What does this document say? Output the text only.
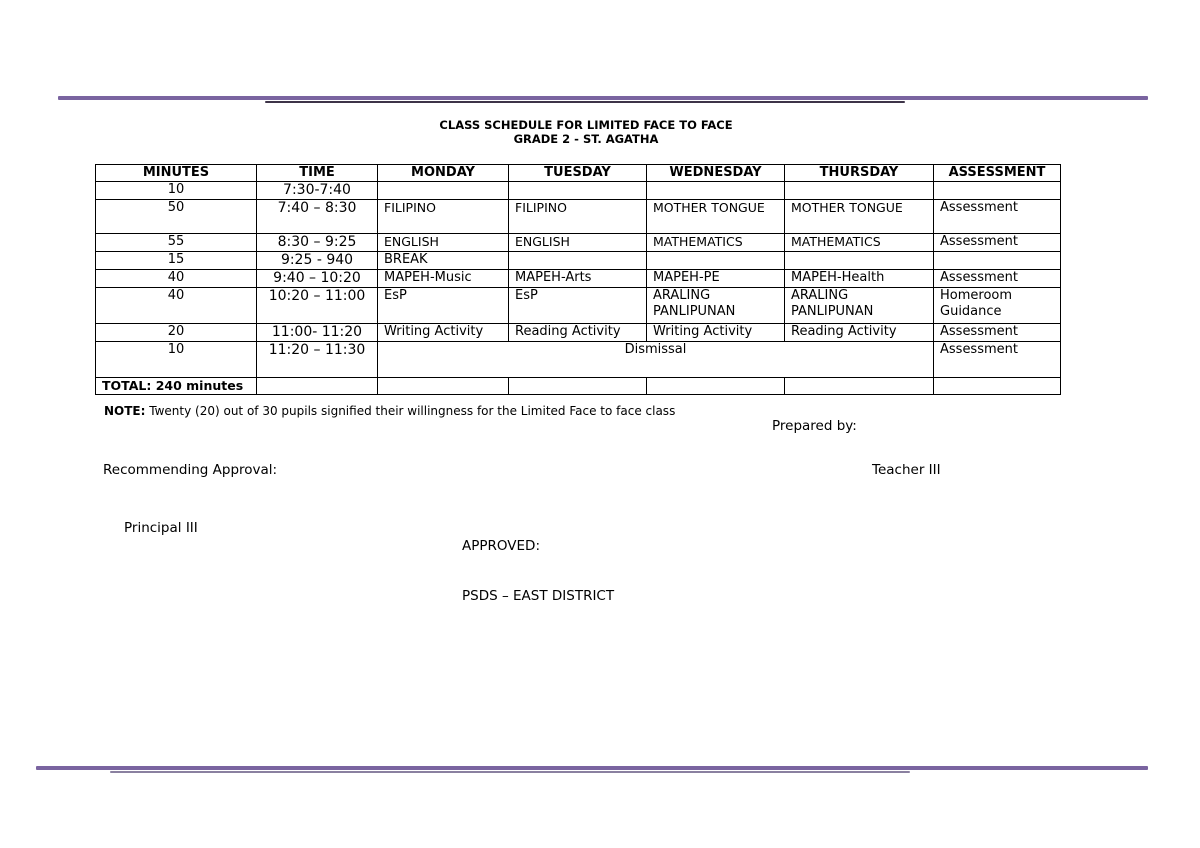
CLASS SCHEDULE FOR LIMITED FACE TO FACE
GRADE 2 - ST. AGATHA
MINUTES	TIME	MONDAY	TUESDAY	WEDNESDAY	THURSDAY	ASSESSMENT
10	7:30-7:40					
50	7:40 – 8:30	FILIPINO	FILIPINO	MOTHER TONGUE	MOTHER TONGUE	Assessment
55	8:30 – 9:25	ENGLISH	ENGLISH	MATHEMATICS	MATHEMATICS	Assessment
15	9:25 - 940	BREAK				
40	9:40 – 10:20	MAPEH-Music	MAPEH-Arts	MAPEH-PE	MAPEH-Health	Assessment
40	10:20 – 11:00	EsP	EsP	ARALING PANLIPUNAN	ARALING PANLIPUNAN	Homeroom Guidance
20	11:00- 11:20	Writing Activity	Reading Activity	Writing Activity	Reading Activity	Assessment
10	11:20 – 11:30	Dismissal				Assessment
TOTAL: 240 minutes						
NOTE: Twenty (20) out of 30 pupils signified their willingness for the Limited Face to face class
Prepared by:
Recommending Approval:	Teacher III
Principal III
APPROVED:
PSDS – EAST DISTRICT
